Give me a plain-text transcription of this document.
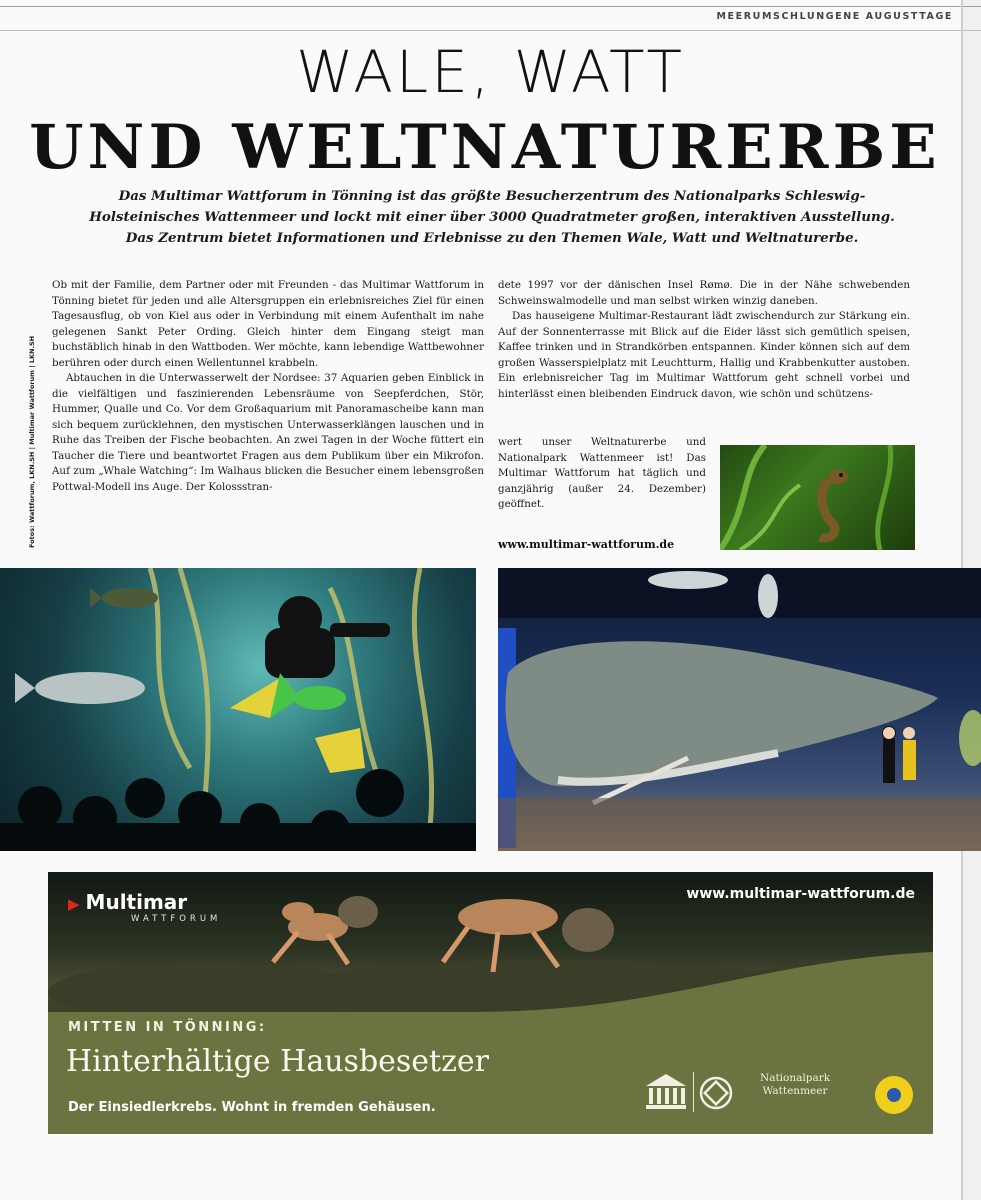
MEERUMSCHLUNGENE AUGUSTTAGE
WALE, WATT
UND WELTNATURERBE
Das Multimar Wattforum in Tönning ist das größte Besucherzentrum des Nationalparks Schleswig-Holsteinisches Wattenmeer und lockt mit einer über 3000 Quadratmeter großen, interaktiven Ausstellung. Das Zentrum bietet Informationen und Erlebnisse zu den Themen Wale, Watt und Weltnaturerbe.
Fotos: Wattforum, LKN.SH | Multimar Wattforum | LKN.SH

Ob mit der Familie, dem Partner oder mit Freunden - das Multimar Wattforum in Tönning bietet für jeden und alle Altersgruppen ein erlebnisreiches Ziel für einen Tagesausflug, ob von Kiel aus oder in Verbindung mit einem Aufenthalt im nahe gelegenen Sankt Peter Ording. Gleich hinter dem Eingang steigt man buchstäblich hinab in den Wattboden. Wer möchte, kann lebendige Wattbewohner berühren oder durch einen Wellentunnel krabbeln.

Abtauchen in die Unterwasserwelt der Nordsee: 37 Aquarien geben Einblick in die vielfältigen und faszinierenden Lebensräume von Seepferdchen, Stör, Hummer, Qualle und Co. Vor dem Großaquarium mit Panoramascheibe kann man sich bequem zurücklehnen, den mystischen Unterwasserklängen lauschen und in Ruhe das Treiben der Fische beobachten. An zwei Tagen in der Woche füttert ein Taucher die Tiere und beantwortet Fragen aus dem Publikum über ein Mikrofon. Auf zum „Whale Watching“: Im Walhaus blicken die Besucher einem lebensgroßen Pottwal-Modell ins Auge. Der Kolossstran-

dete 1997 vor der dänischen Insel Rømø. Die in der Nähe schwebenden Schweinswalmodelle und man selbst wirken winzig daneben.

Das hauseigene Multimar-Restaurant lädt zwischendurch zur Stärkung ein. Auf der Sonnenterrasse mit Blick auf die Eider lässt sich gemütlich speisen, Kaffee trinken und in Strandkörben entspannen. Kinder können sich auf dem großen Wasserspielplatz mit Leuchtturm, Hallig und Krabbenkutter austoben. Ein erlebnisreicher Tag im Multimar Wattforum geht schnell vorbei und hinterlässt einen bleibenden Eindruck davon, wie schön und schützens-

wert unser Weltnaturerbe und Nationalpark Wattenmeer ist! Das Multimar Wattforum hat täglich und ganzjährig (außer 24. Dezember) geöffnet.

www.multimar-wattforum.de
▶ Multimar
WATTFORUM
www.multimar-wattforum.de
MITTEN IN TÖNNING:
Hinterhältige Hausbesetzer
Der Einsiedlerkrebs. Wohnt in fremden Gehäusen.
Nationalpark
Wattenmeer
